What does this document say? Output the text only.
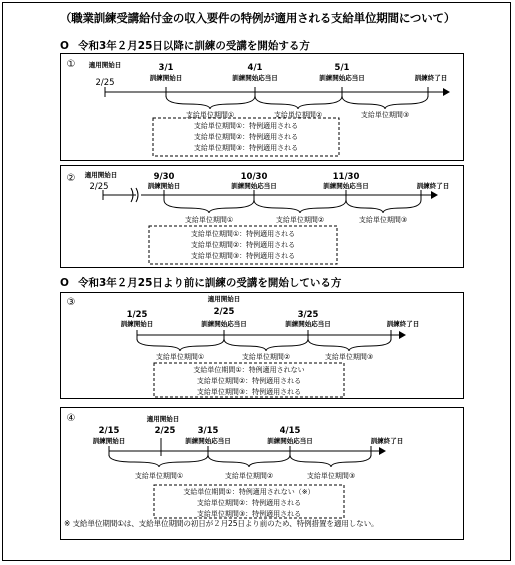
（職業訓練受講給付金の収入要件の特例が適用される支給単位期間について）
O 令和3年２月25日以降に訓練の受講を開始する方
O 令和3年２月25日より前に訓練の受講を開始している方
① 適用開始日
2/25
3/1
訓練開始日
4/1
訓練開始応当日
5/1
訓練開始応当日	訓練終了日
支給単位期間①	支給単位期間②	支給単位期間③
支給単位期間①：特例適用される
支給単位期間②：特例適用される
支給単位期間③：特例適用される
② 適用開始日
2/25
9/30
訓練開始日
10/30
訓練開始応当日
11/30
訓練開始応当日	訓練終了日
支給単位期間①	支給単位期間②	支給単位期間③
支給単位期間①：特例適用される
支給単位期間②：特例適用される
支給単位期間③：特例適用される
③	適用開始日
1/25
訓練開始日
2/25
訓練開始応当日
3/25
訓練開始応当日	訓練終了日
支給単位期間①	支給単位期間②	支給単位期間③
支給単位期間①：特例適用されない
支給単位期間②：特例適用される
支給単位期間③：特例適用される
④	適用開始日
2/25
2/15
訓練開始日
3/15
訓練開始応当日
4/15
訓練開始応当日	訓練終了日
支給単位期間①	支給単位期間②	支給単位期間③
支給単位期間①：特例適用されない（※）
支給単位期間②：特例適用される
支給単位期間③：特例適用される
※ 支給単位期間①は、支給単位期間の初日が２月25日より前のため、特例措置を適用しない。
